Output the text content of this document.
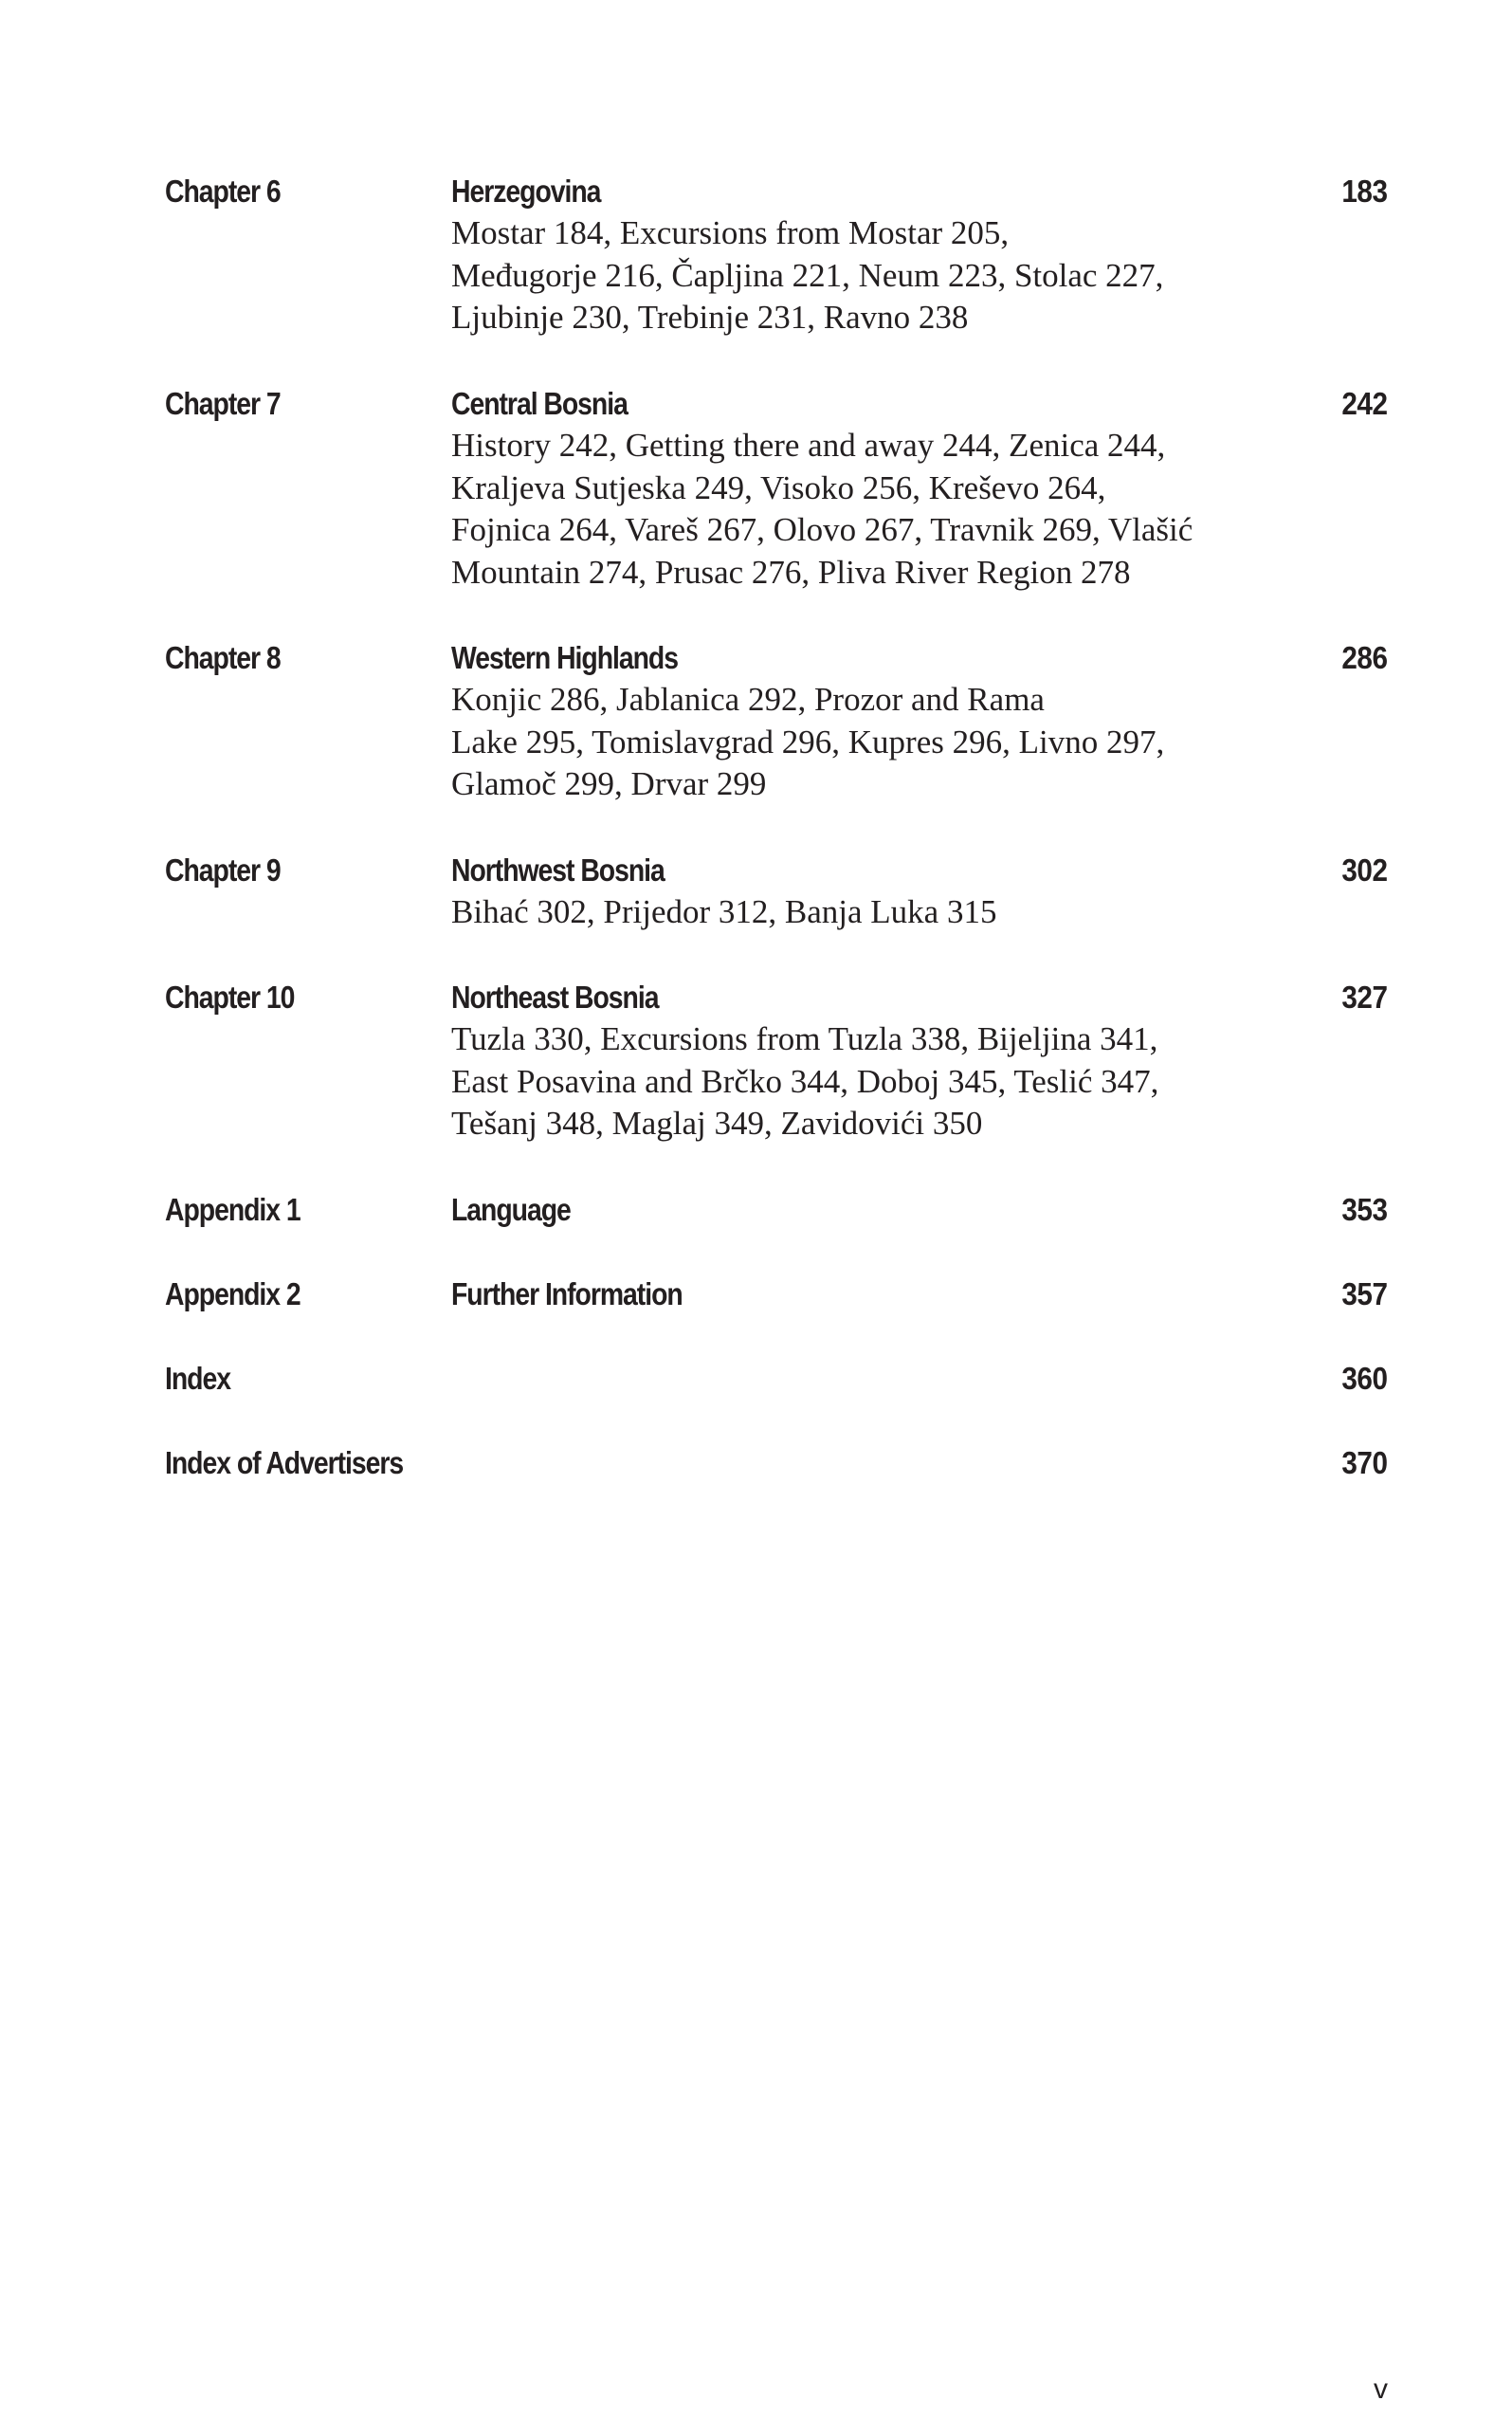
Chapter 6	Herzegovina	183

Mostar 184, Excursions from Mostar 205,
Međugorje 216, Čapljina 221, Neum 223, Stolac 227,
Ljubinje 230, Trebinje 231, Ravno 238

Chapter 7	Central Bosnia	242

History 242, Getting there and away 244, Zenica 244,
Kraljeva Sutjeska 249, Visoko 256, Kreševo 264,
Fojnica 264, Vareš 267, Olovo 267, Travnik 269, Vlašić
Mountain 274, Prusac 276, Pliva River Region 278

Chapter 8	Western Highlands	286

Konjic 286, Jablanica 292, Prozor and Rama
Lake 295, Tomislavgrad 296, Kupres 296, Livno 297,
Glamoč 299, Drvar 299

Chapter 9	Northwest Bosnia	302

Bihać 302, Prijedor 312, Banja Luka 315

Chapter 10	Northeast Bosnia	327

Tuzla 330, Excursions from Tuzla 338, Bijeljina 341,
East Posavina and Brčko 344, Doboj 345, Teslić 347,
Tešanj 348, Maglaj 349, Zavidovići 350

Appendix 1	Language	353
Appendix 2	Further Information	357
Index	360
Index of Advertisers	370
v
